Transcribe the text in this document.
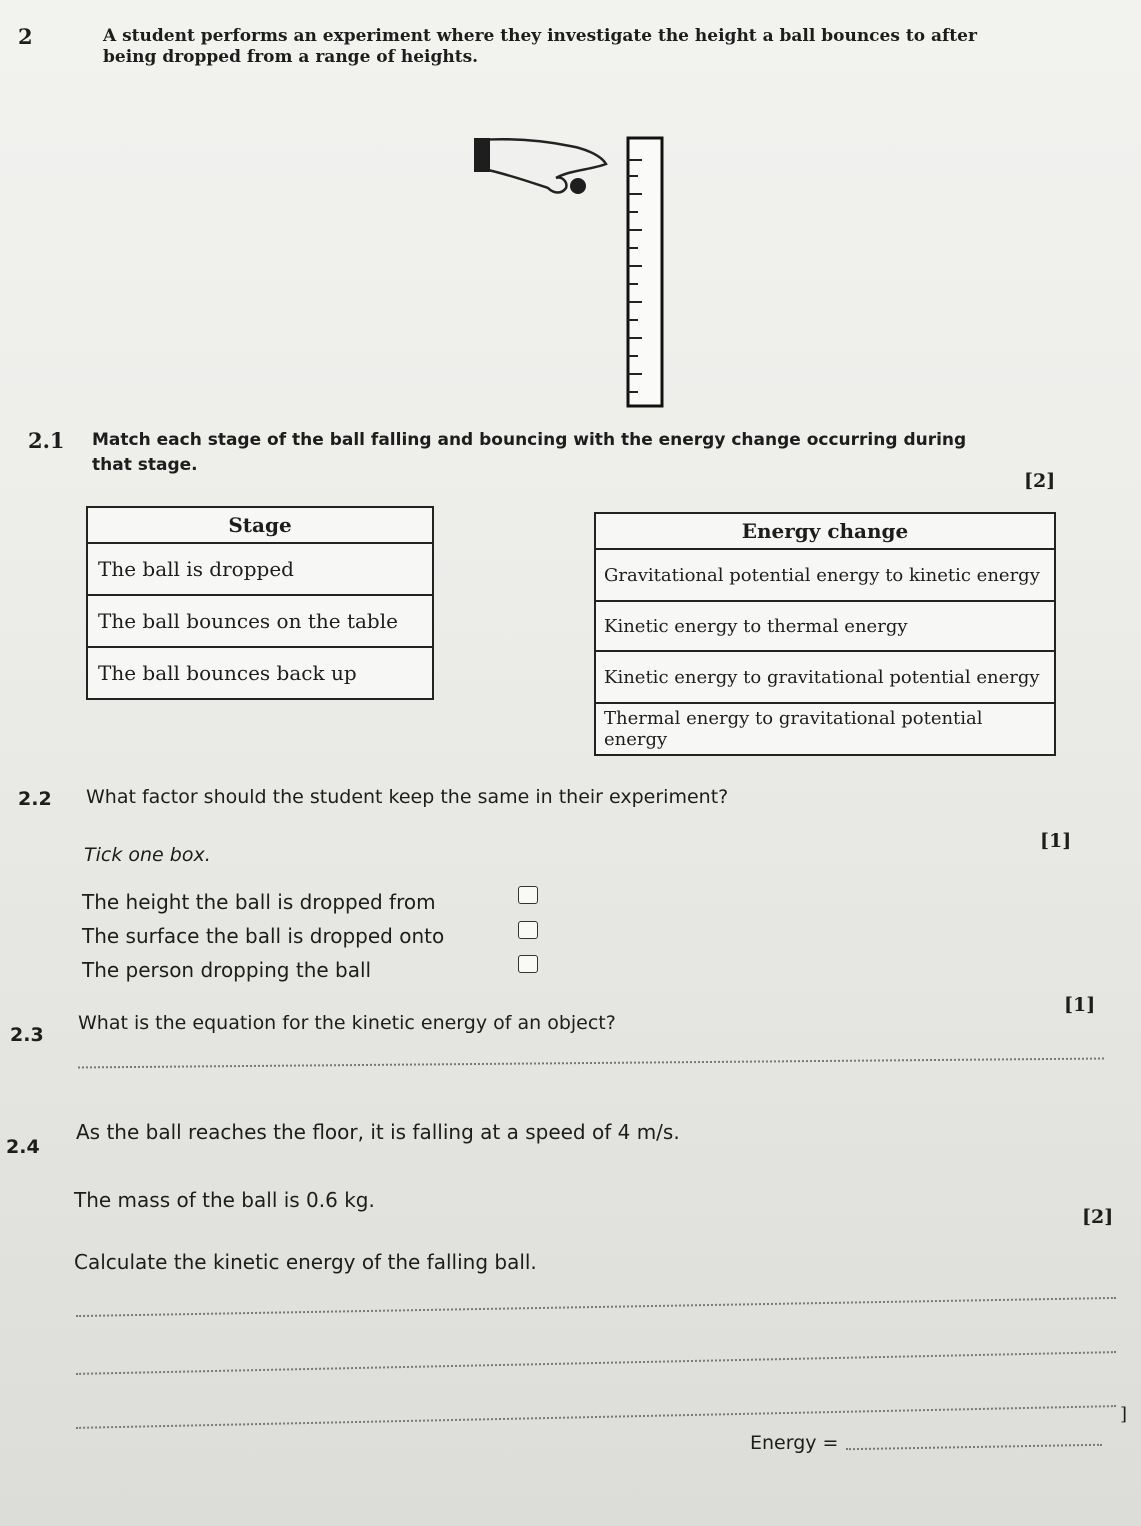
2	A student performs an experiment where they investigate the height a ball bounces to after being dropped from a range of heights.
2.1 Match each stage of the ball falling and bouncing with the energy change occurring during
that stage.
[2]
Stage
The ball is dropped
The ball bounces on the table
The ball bounces back up
Energy change
Gravitational potential energy to kinetic energy
Kinetic energy to thermal energy
Kinetic energy to gravitational potential energy
Thermal energy to gravitational potential energy
2.2 What factor should the student keep the same in their experiment?
[1]
Tick one box.
The height the ball is dropped from
The surface the ball is dropped onto
The person dropping the ball
2.3
What is the equation for the kinetic energy of an object?
[1]
2.4
As the ball reaches the floor, it is falling at a speed of 4 m/s.
The mass of the ball is 0.6 kg.
[2]
Calculate the kinetic energy of the falling ball.
Energy =
]
